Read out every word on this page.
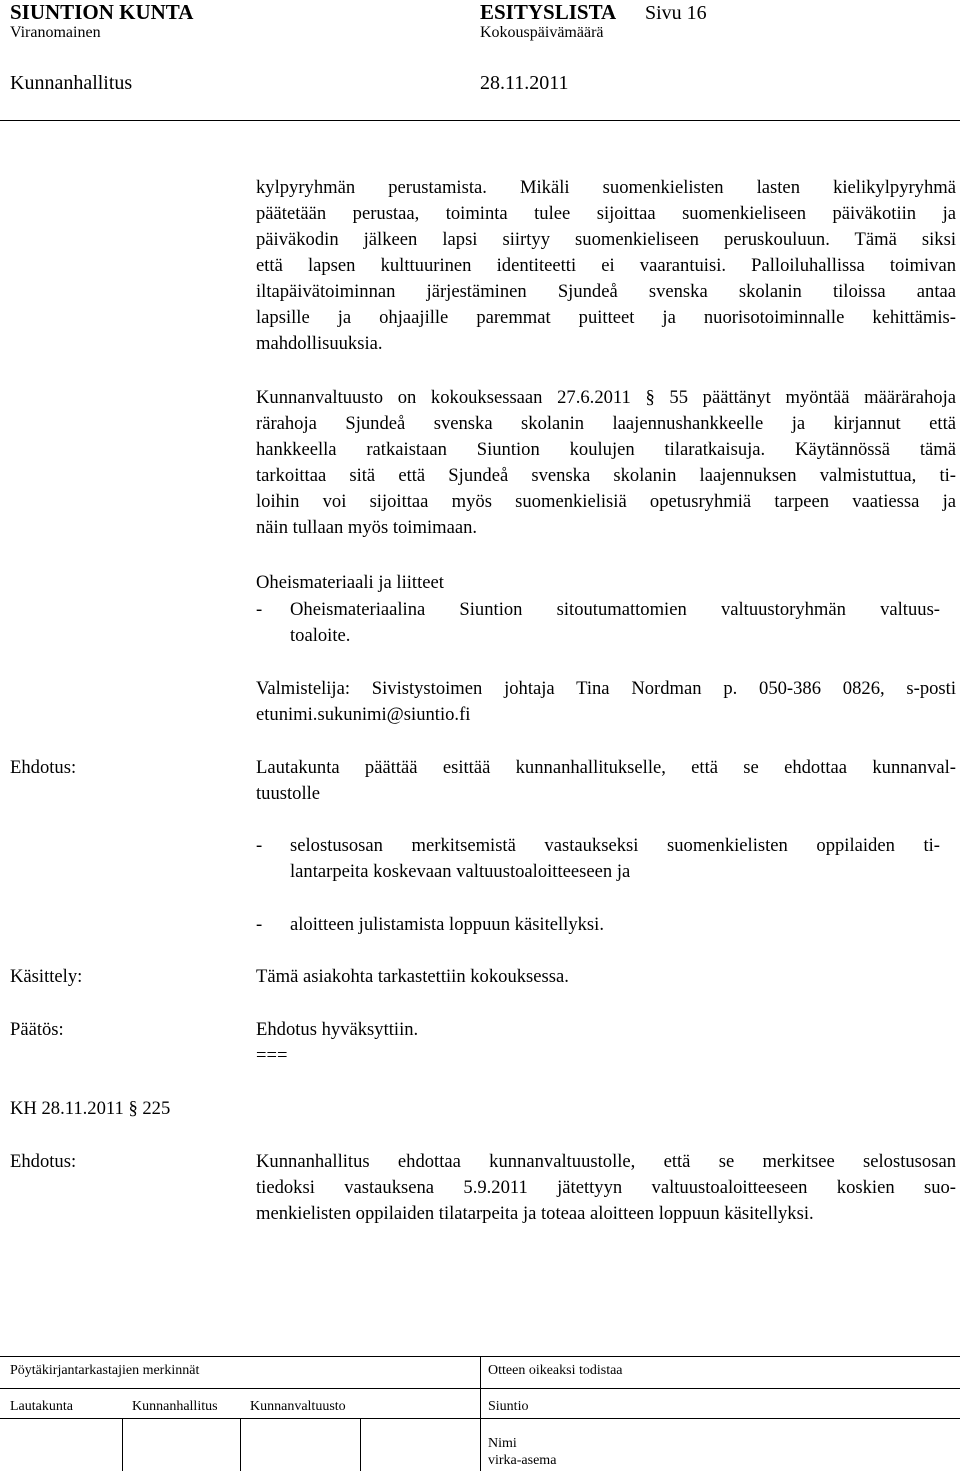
SIUNTION KUNTA	ESITYSLISTA Sivu 16
Viranomainen	Kokouspäivämäärä
Kunnanhallitus	28.11.2011
kylpyryhmän perustamista. Mikäli suomenkielisten lasten kielikylpyryhmä
päätetään perustaa, toiminta tulee sijoittaa suomenkieliseen päiväkotiin ja
päiväkodin jälkeen lapsi siirtyy suomenkieliseen peruskouluun. Tämä siksi
että lapsen kulttuurinen identiteetti ei vaarantuisi. Palloiluhallissa toimivan
iltapäivätoiminnan järjestäminen Sjundeå svenska skolanin tiloissa antaa
lapsille ja ohjaajille paremmat puitteet ja nuorisotoiminnalle kehittämis-
mahdollisuuksia.
Kunnanvaltuusto on kokouksessaan 27.6.2011 § 55 päättänyt myöntää määrärahoja
rärahoja Sjundeå svenska skolanin laajennushankkeelle ja kirjannut että
hankkeella ratkaistaan Siuntion koulujen tilaratkaisuja. Käytännössä tämä
tarkoittaa sitä että Sjundeå svenska skolanin laajennuksen valmistuttua, ti-
loihin voi sijoittaa myös suomenkielisiä opetusryhmiä tarpeen vaatiessa ja
näin tullaan myös toimimaan.
Oheismateriaali ja liitteet
- Oheismateriaalina Siuntion sitoutumattomien valtuustoryhmän valtuus-
toaloite.
Valmistelija: Sivistystoimen johtaja Tina Nordman p. 050-386 0826, s-posti
etunimi.sukunimi@siuntio.fi
Ehdotus:	Lautakunta päättää esittää kunnanhallitukselle, että se ehdottaa kunnanval-
tuustolle
- selostusosan merkitsemistä vastaukseksi suomenkielisten oppilaiden ti-
lantarpeita koskevaan valtuustoaloitteeseen ja
- aloitteen julistamista loppuun käsitellyksi.
Käsittely:	Tämä asiakohta tarkastettiin kokouksessa.
Päätös:	Ehdotus hyväksyttiin.
===
KH 28.11.2011 § 225
Ehdotus:	Kunnanhallitus ehdottaa kunnanvaltuustolle, että se merkitsee selostusosan
tiedoksi vastauksena 5.9.2011 jätettyyn valtuustoaloitteeseen koskien suo-
menkielisten oppilaiden tilatarpeita ja toteaa aloitteen loppuun käsitellyksi.
Pöytäkirjantarkastajien merkinnät	Otteen oikeaksi todistaa
Lautakunta	Kunnanhallitus Kunnanvaltuusto	Siuntio
Nimi
virka-asema
